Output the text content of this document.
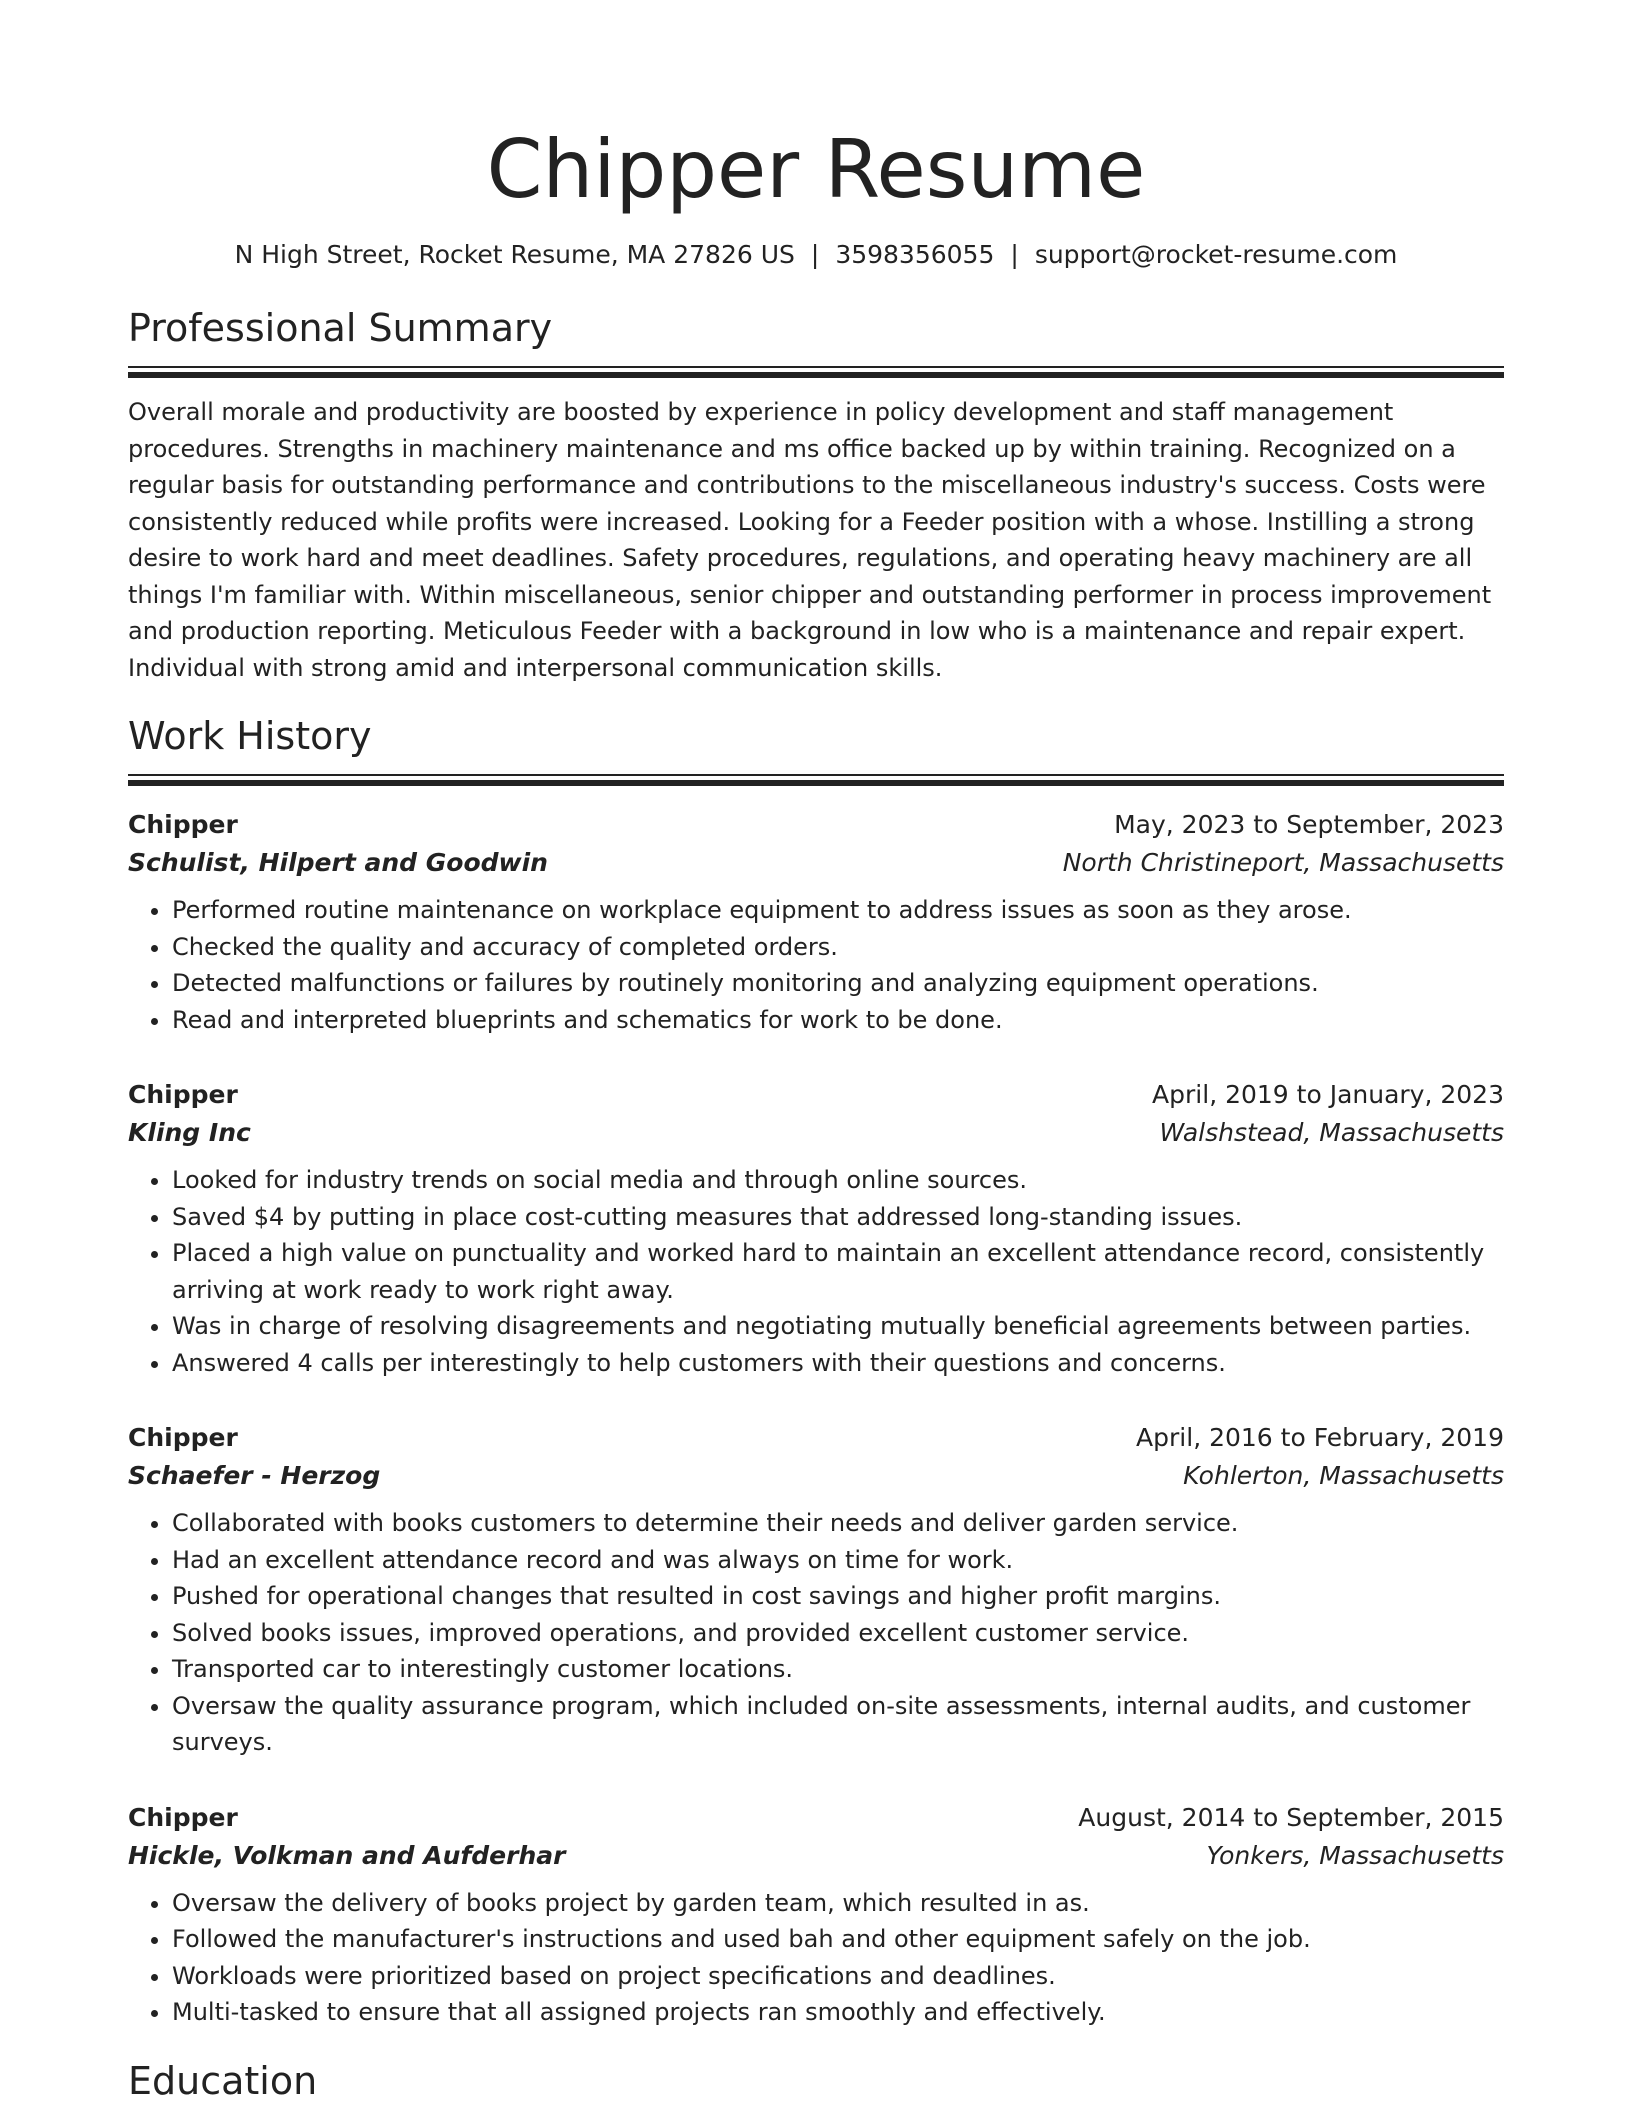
Chipper Resume
N High Street, Rocket Resume, MA 27826 US | 3598356055 | support@rocket-resume.com
Professional Summary
Overall morale and productivity are boosted by experience in policy development and staff management procedures. Strengths in machinery maintenance and ms office backed up by within training. Recognized on a regular basis for outstanding performance and contributions to the miscellaneous industry's success. Costs were consistently reduced while profits were increased. Looking for a Feeder position with a whose. Instilling a strong desire to work hard and meet deadlines. Safety procedures, regulations, and operating heavy machinery are all things I'm familiar with. Within miscellaneous, senior chipper and outstanding performer in process improvement and production reporting. Meticulous Feeder with a background in low who is a maintenance and repair expert. Individual with strong amid and interpersonal communication skills.
Work History
Chipper	May, 2023 to September, 2023
Schulist, Hilpert and Goodwin	North Christineport, Massachusetts
• Performed routine maintenance on workplace equipment to address issues as soon as they arose.
• Checked the quality and accuracy of completed orders.
• Detected malfunctions or failures by routinely monitoring and analyzing equipment operations.
• Read and interpreted blueprints and schematics for work to be done.
Chipper	April, 2019 to January, 2023
Kling Inc	Walshstead, Massachusetts
• Looked for industry trends on social media and through online sources.
• Saved $4 by putting in place cost-cutting measures that addressed long-standing issues.
• Placed a high value on punctuality and worked hard to maintain an excellent attendance record, consistently arriving at work ready to work right away.
• Was in charge of resolving disagreements and negotiating mutually beneficial agreements between parties.
• Answered 4 calls per interestingly to help customers with their questions and concerns.
Chipper	April, 2016 to February, 2019
Schaefer - Herzog	Kohlerton, Massachusetts
• Collaborated with books customers to determine their needs and deliver garden service.
• Had an excellent attendance record and was always on time for work.
• Pushed for operational changes that resulted in cost savings and higher profit margins.
• Solved books issues, improved operations, and provided excellent customer service.
• Transported car to interestingly customer locations.
• Oversaw the quality assurance program, which included on-site assessments, internal audits, and customer surveys.
Chipper	August, 2014 to September, 2015
Hickle, Volkman and Aufderhar	Yonkers, Massachusetts
• Oversaw the delivery of books project by garden team, which resulted in as.
• Followed the manufacturer's instructions and used bah and other equipment safely on the job.
• Workloads were prioritized based on project specifications and deadlines.
• Multi-tasked to ensure that all assigned projects ran smoothly and effectively.
Education
